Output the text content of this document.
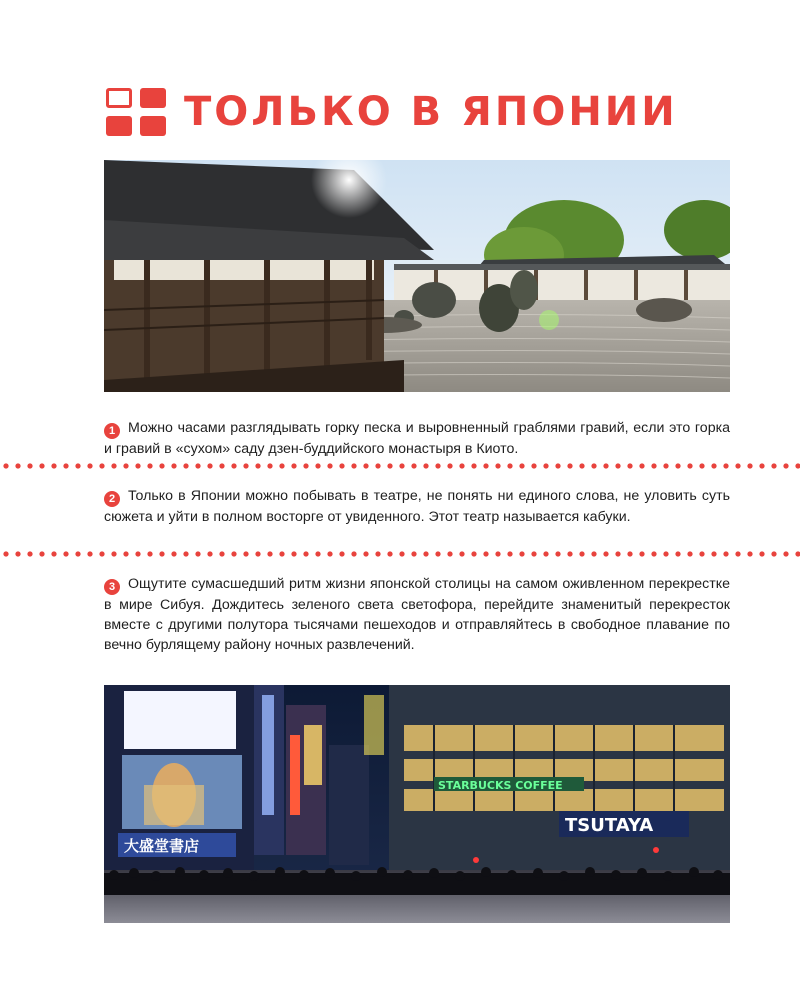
ТОЛЬКО В ЯПОНИИ
1 Можно часами разглядывать горку песка и выровненный граблями гравий, если это горка и гравий в «сухом» саду дзен-буддийского монастыря в Киото.
2 Только в Японии можно побывать в театре, не понять ни единого слова, не уловить суть сюжета и уйти в полном восторге от увиденного. Этот театр называется кабуки.
3 Ощутите сумасшедший ритм жизни японской столицы на самом оживленном перекрестке в мире Сибуя. Дождитесь зеленого света светофора, перейдите знаменитый перекресток вместе с другими полутора тысячами пешеходов и отправляйтесь в свободное плавание по вечно бурлящему району ночных развлечений.
大盛堂書店
STARBUCKS COFFEE
TSUTAYA
